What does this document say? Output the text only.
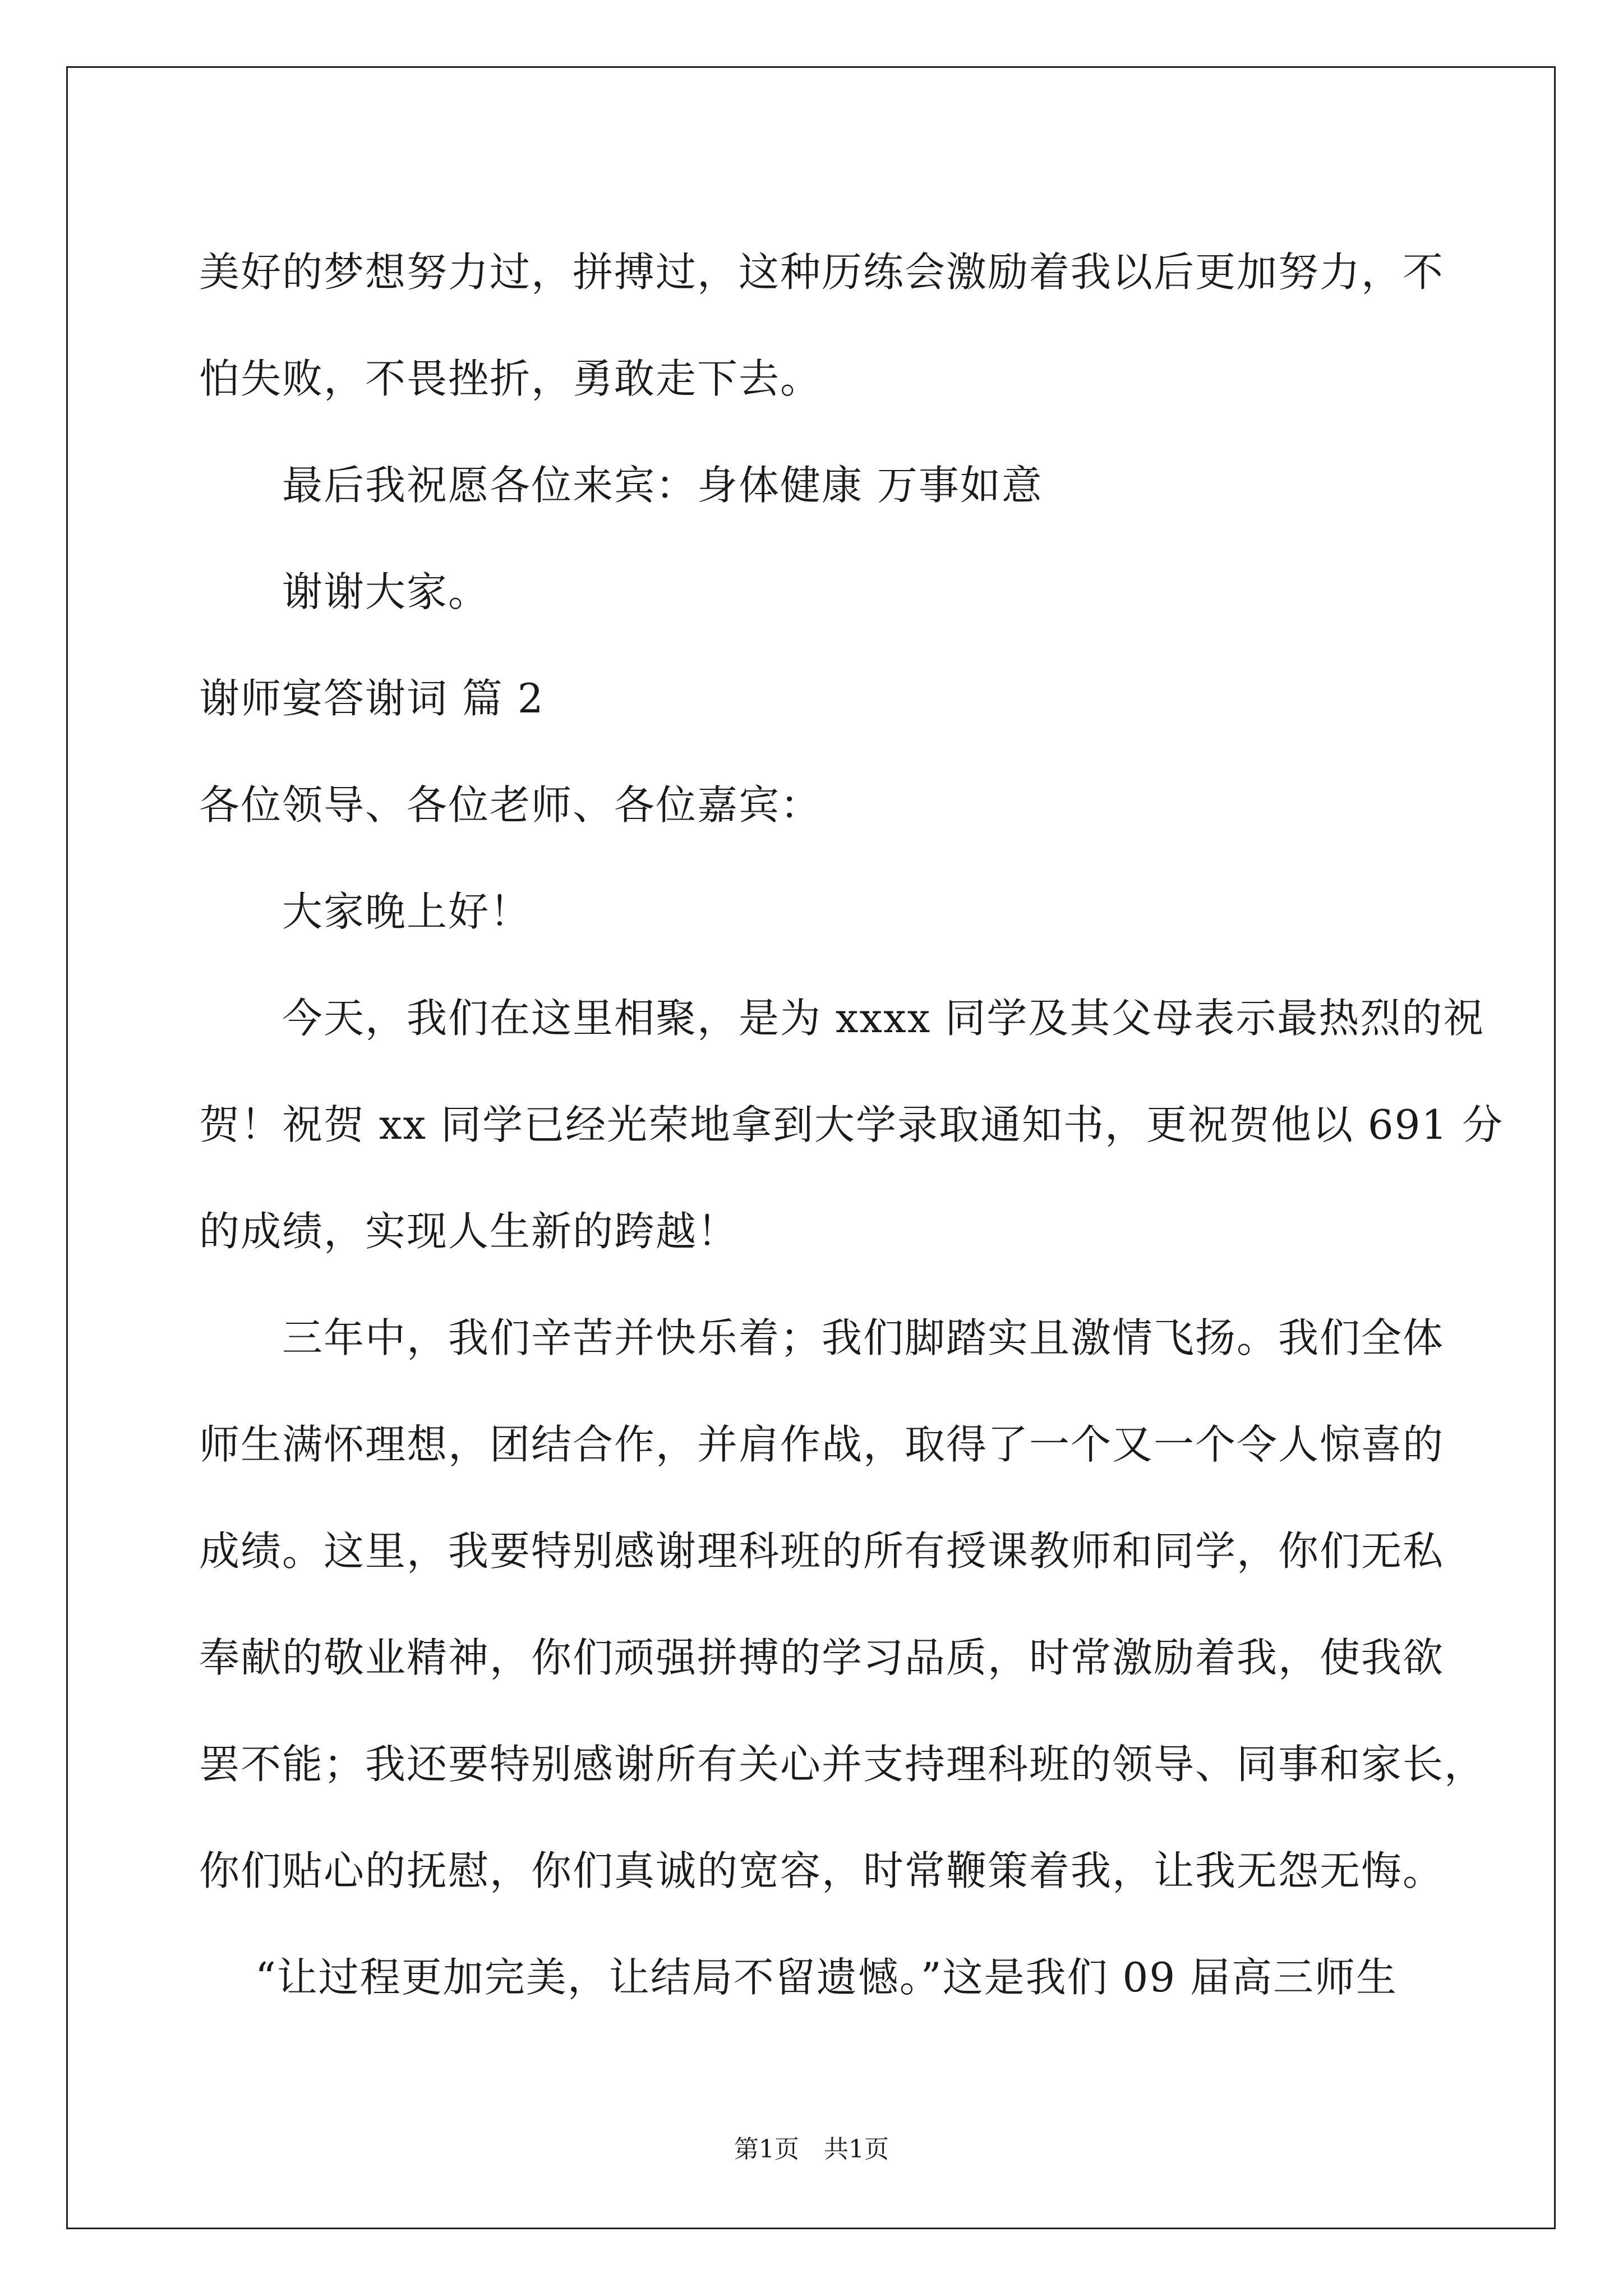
美好的梦想努力过，拼搏过，这种历练会激励着我以后更加努力，不

怕失败，不畏挫折，勇敢走下去。

最后我祝愿各位来宾：身体健康 万事如意

谢谢大家。

谢师宴答谢词 篇 2

各位领导、各位老师、各位嘉宾：

大家晚上好！

今天，我们在这里相聚，是为 xxxx 同学及其父母表示最热烈的祝

贺！祝贺 xx 同学已经光荣地拿到大学录取通知书，更祝贺他以 691 分

的成绩，实现人生新的跨越！

三年中，我们辛苦并快乐着；我们脚踏实且激情飞扬。我们全体

师生满怀理想，团结合作，并肩作战，取得了一个又一个令人惊喜的

成绩。这里，我要特别感谢理科班的所有授课教师和同学，你们无私

奉献的敬业精神，你们顽强拼搏的学习品质，时常激励着我，使我欲

罢不能；我还要特别感谢所有关心并支持理科班的领导、同事和家长，

你们贴心的抚慰，你们真诚的宽容，时常鞭策着我，让我无怨无悔。

“让过程更加完美，让结局不留遗憾。”这是我们 09 届高三师生

第1页　共1页
